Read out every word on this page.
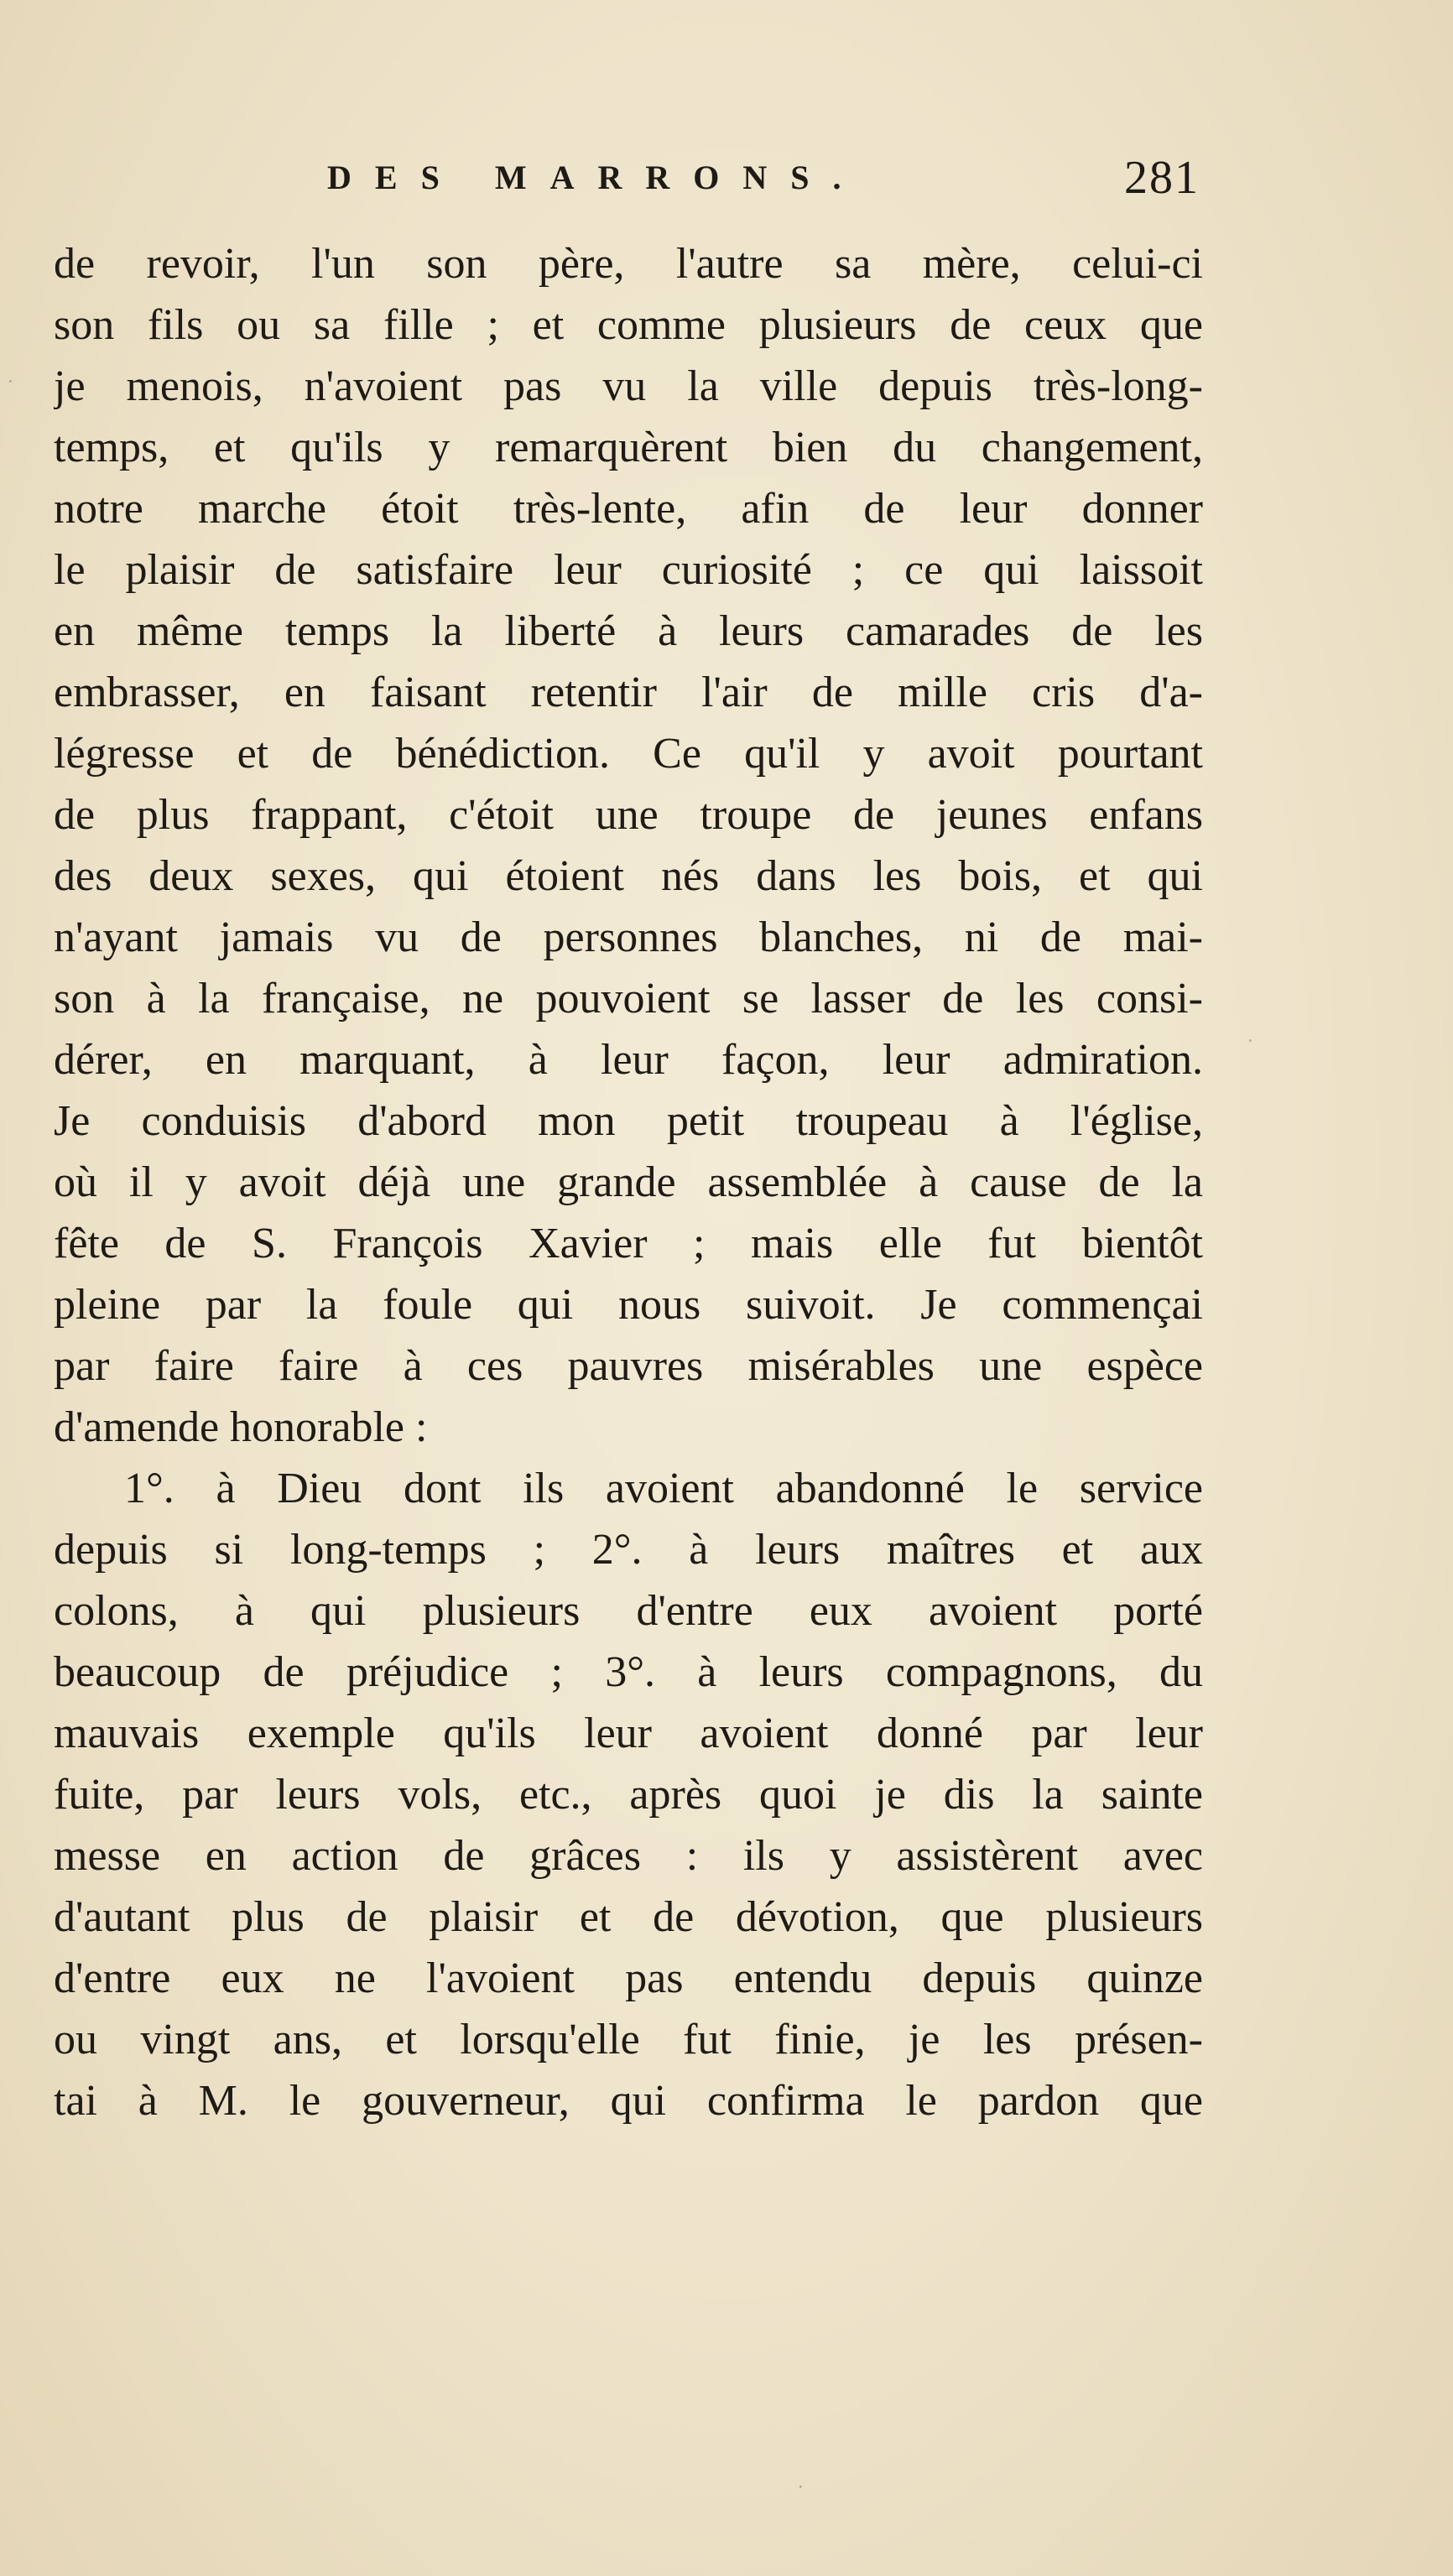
DES MARRONS.	281
de revoir, l'un son père, l'autre sa mère, celui-ci
son fils ou sa fille ; et comme plusieurs de ceux que
je menois, n'avoient pas vu la ville depuis très-long-
temps, et qu'ils y remarquèrent bien du changement,
notre marche étoit très-lente, afin de leur donner
le plaisir de satisfaire leur curiosité ; ce qui laissoit
en même temps la liberté à leurs camarades de les
embrasser, en faisant retentir l'air de mille cris d'a-
légresse et de bénédiction. Ce qu'il y avoit pourtant
de plus frappant, c'étoit une troupe de jeunes enfans
des deux sexes, qui étoient nés dans les bois, et qui
n'ayant jamais vu de personnes blanches, ni de mai-
son à la française, ne pouvoient se lasser de les consi-
dérer, en marquant, à leur façon, leur admiration.
Je conduisis d'abord mon petit troupeau à l'église,
où il y avoit déjà une grande assemblée à cause de la
fête de S. François Xavier ; mais elle fut bientôt
pleine par la foule qui nous suivoit. Je commençai
par faire faire à ces pauvres misérables une espèce
d'amende honorable :
1°. à Dieu dont ils avoient abandonné le service
depuis si long-temps ; 2°. à leurs maîtres et aux
colons, à qui plusieurs d'entre eux avoient porté
beaucoup de préjudice ; 3°. à leurs compagnons, du
mauvais exemple qu'ils leur avoient donné par leur
fuite, par leurs vols, etc., après quoi je dis la sainte
messe en action de grâces : ils y assistèrent avec
d'autant plus de plaisir et de dévotion, que plusieurs
d'entre eux ne l'avoient pas entendu depuis quinze
ou vingt ans, et lorsqu'elle fut finie, je les présen-
tai à M. le gouverneur, qui confirma le pardon que
·
·
·
